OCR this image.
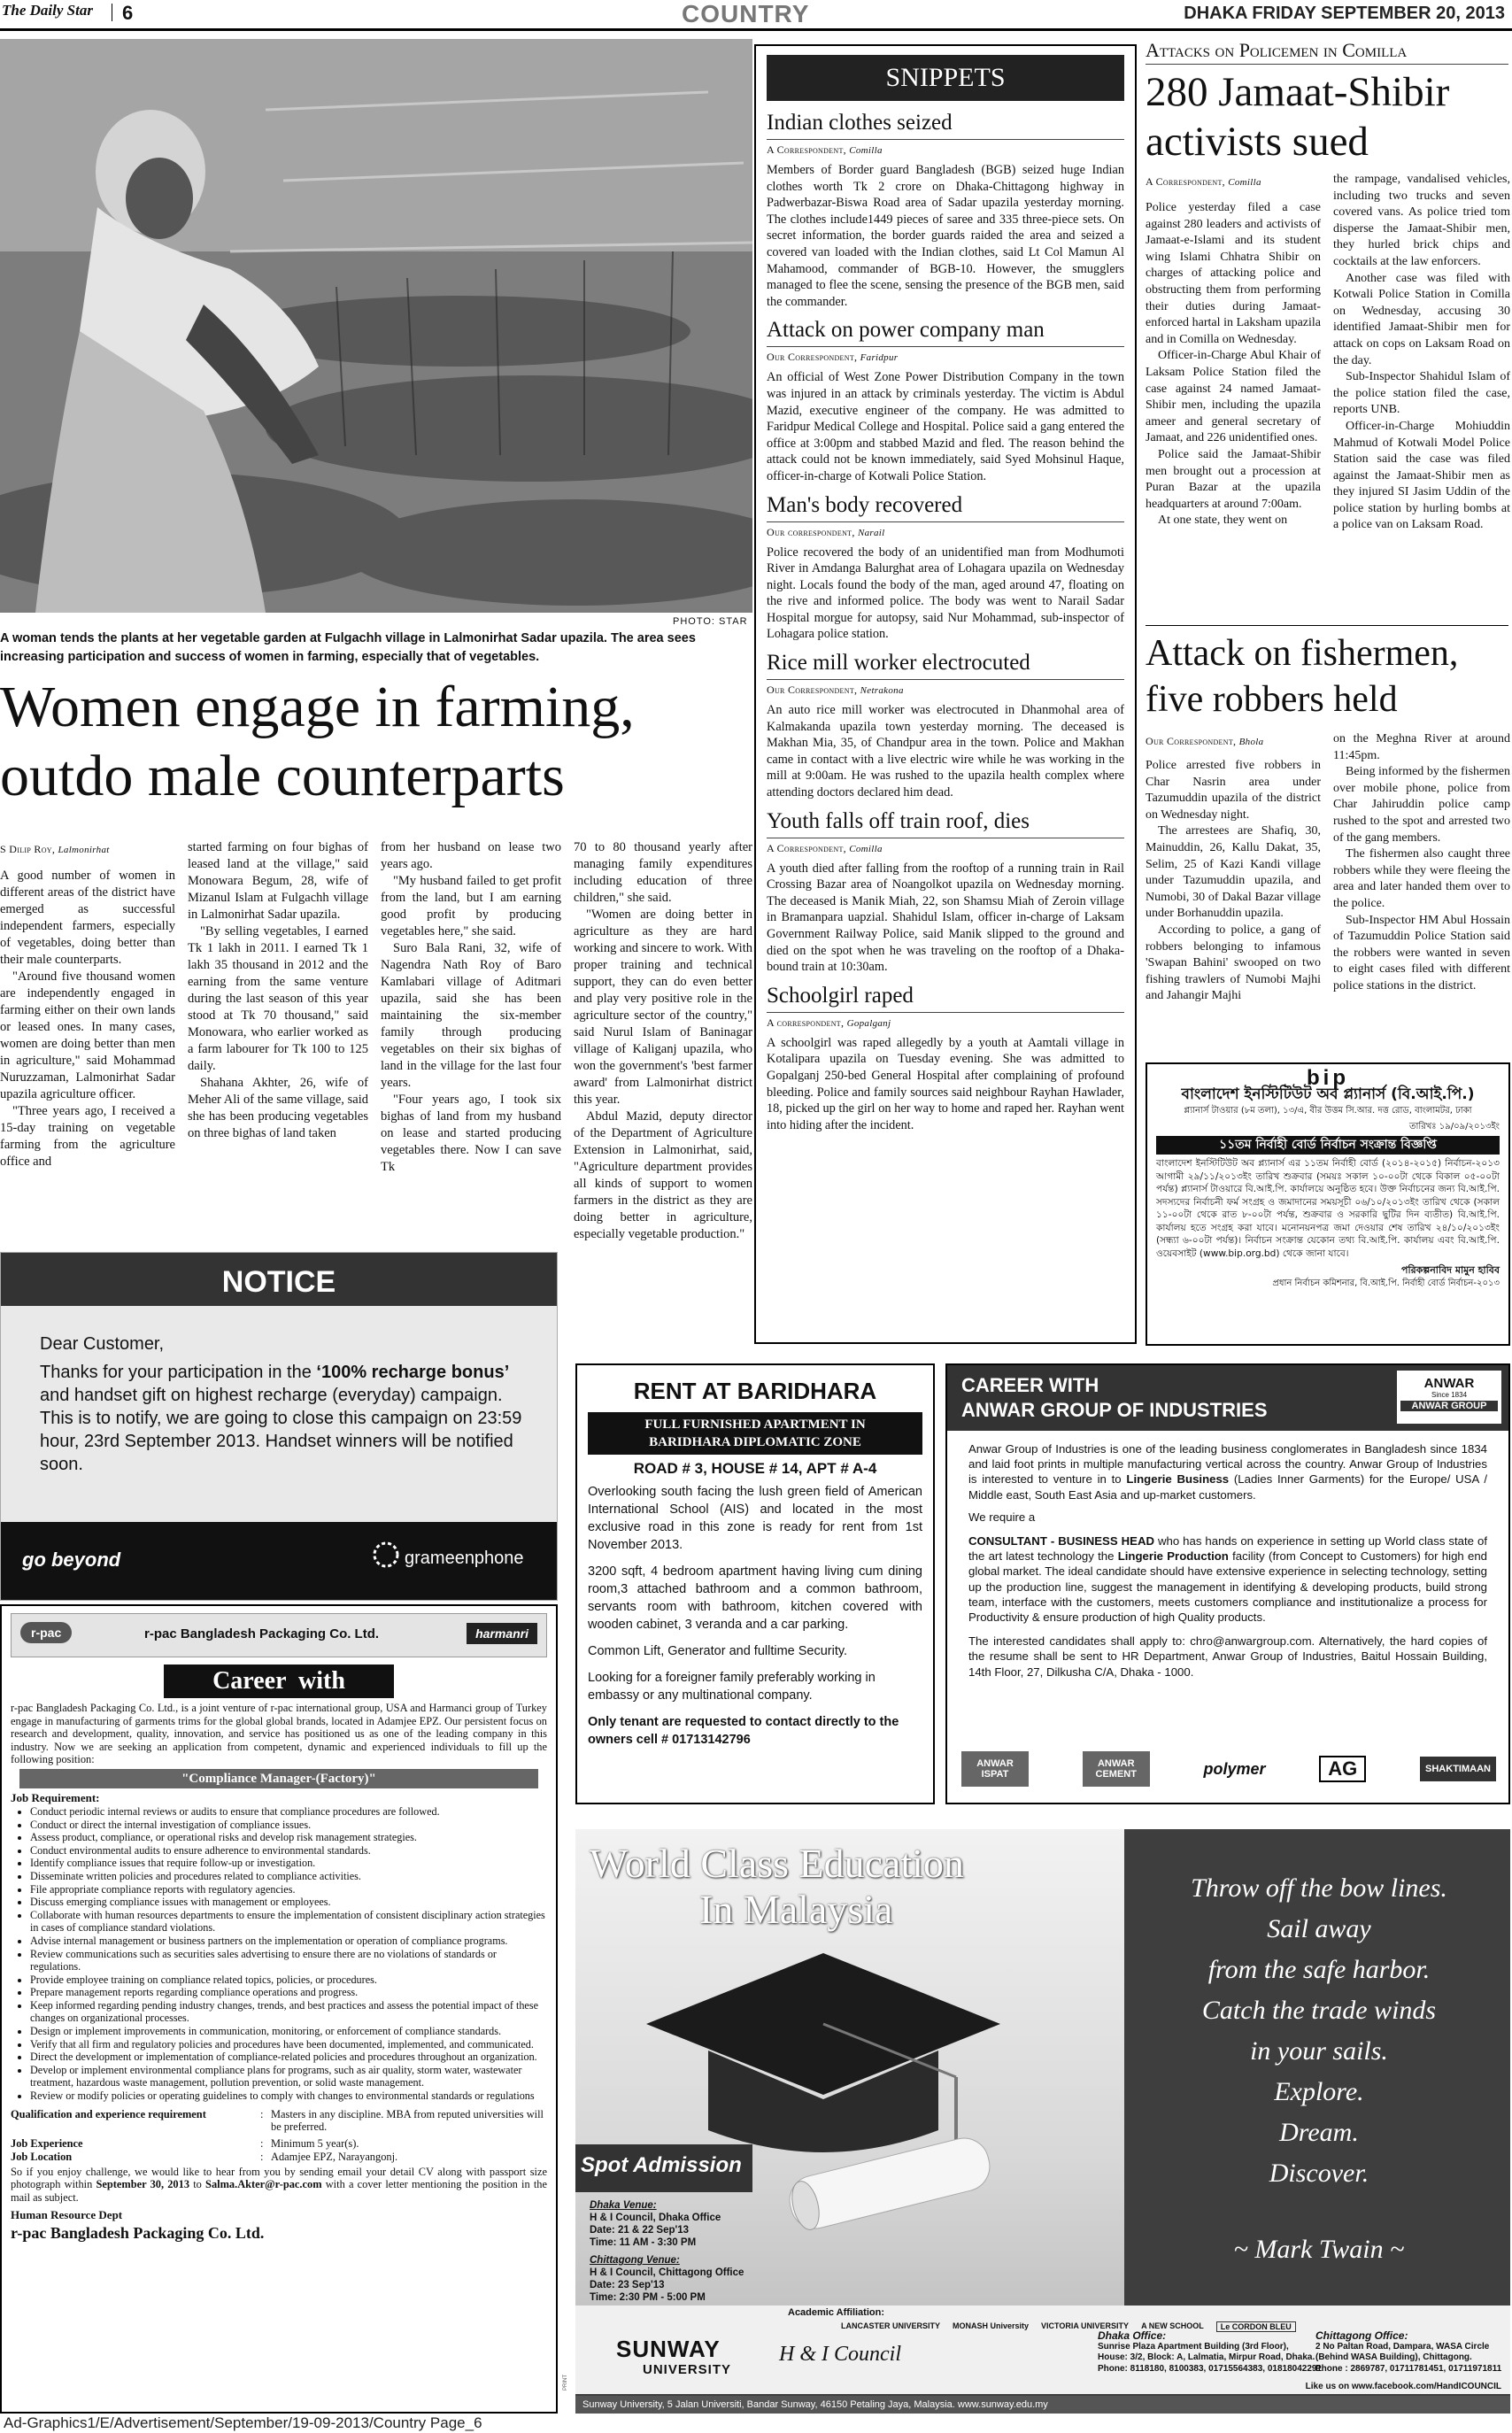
The Daily Star 6	COUNTRY	DHAKA FRIDAY SEPTEMBER 20, 2013
PHOTO: STAR
A woman tends the plants at her vegetable garden at Fulgachh village in Lalmonirhat Sadar upazila. The area sees increasing participation and success of women in farming, especially that of vegetables.
Women engage in farming, outdo male counterparts
S Dilip Roy, Lalmonirhat

A good number of women in different areas of the district have emerged as successful independent farmers, especially of vegetables, doing better than their male counterparts.

"Around five thousand women are independently engaged in farming either on their own lands or leased ones. In many cases, women are doing better than men in agriculture," said Mohammad Nuruzzaman, Lalmonirhat Sadar upazila agriculture officer.

"Three years ago, I received a 15-day training on vegetable farming from the agriculture office and

started farming on four bighas of leased land at the village," said Monowara Begum, 28, wife of Mizanul Islam at Fulgachh village in Lalmonirhat Sadar upazila.

"By selling vegetables, I earned Tk 1 lakh in 2011. I earned Tk 1 lakh 35 thousand in 2012 and the earning from the same venture during the last season of this year stood at Tk 70 thousand," said Monowara, who earlier worked as a farm labourer for Tk 100 to 125 daily.

Shahana Akhter, 26, wife of Meher Ali of the same village, said she has been producing vegetables on three bighas of land taken

from her husband on lease two years ago.

"My husband failed to get profit from the land, but I am earning good profit by producing vegetables here," she said.

Suro Bala Rani, 32, wife of Nagendra Nath Roy of Baro Kamlabari village of Aditmari upazila, said she has been maintaining the six-member family through producing vegetables on their six bighas of land in the village for the last four years.

"Four years ago, I took six bighas of land from my husband on lease and started producing vegetables there. Now I can save Tk

70 to 80 thousand yearly after managing family expenditures including education of three children," she said.

"Women are doing better in agriculture as they are hard working and sincere to work. With proper training and technical support, they can do even better and play very positive role in the agriculture sector of the country," said Nurul Islam of Baninagar village of Kaliganj upazila, who won the government's 'best farmer award' from Lalmonirhat district this year.

Abdul Mazid, deputy director of the Department of Agriculture Extension in Lalmonirhat, said, "Agriculture department provides all kinds of support to women farmers in the district as they are doing better in agriculture, especially vegetable production."

SNIPPETS
Indian clothes seized
A Correspondent, Comilla
Members of Border guard Bangladesh (BGB) seized huge Indian clothes worth Tk 2 crore on Dhaka-Chittagong highway in Padwerbazar-Biswa Road area of Sadar upazila yesterday morning. The clothes include1449 pieces of saree and 335 three-piece sets. On secret information, the border guards raided the area and seized a covered van loaded with the Indian clothes, said Lt Col Mamun Al Mahamood, commander of BGB-10. However, the smugglers managed to flee the scene, sensing the presence of the BGB men, said the commander.
Attack on power company man
Our Correspondent, Faridpur
An official of West Zone Power Distribution Company in the town was injured in an attack by criminals yesterday. The victim is Abdul Mazid, executive engineer of the company. He was admitted to Faridpur Medical College and Hospital. Police said a gang entered the office at 3:00pm and stabbed Mazid and fled. The reason behind the attack could not be known immediately, said Syed Mohsinul Haque, officer-in-charge of Kotwali Police Station.
Man's body recovered
Our correspondent, Narail
Police recovered the body of an unidentified man from Modhumoti River in Amdanga Balurghat area of Lohagara upazila on Wednesday night. Locals found the body of the man, aged around 47, floating on the rive and informed police. The body was went to Narail Sadar Hospital morgue for autopsy, said Nur Mohammad, sub-inspector of Lohagara police station.
Rice mill worker electrocuted
Our Correspondent, Netrakona
An auto rice mill worker was electrocuted in Dhanmohal area of Kalmakanda upazila town yesterday morning. The deceased is Makhan Mia, 35, of Chandpur area in the town. Police and Makhan came in contact with a live electric wire while he was working in the mill at 9:00am. He was rushed to the upazila health complex where attending doctors declared him dead.
Youth falls off train roof, dies
A Correspondent, Comilla
A youth died after falling from the rooftop of a running train in Rail Crossing Bazar area of Noangolkot upazila on Wednesday morning. The deceased is Manik Miah, 22, son Shamsu Miah of Zeroin village in Bramanpara uapzial. Shahidul Islam, officer in-charge of Laksam Government Railway Police, said Manik slipped to the ground and died on the spot when he was traveling on the rooftop of a Dhaka-bound train at 10:30am.
Schoolgirl raped
A correspondent, Gopalganj
A schoolgirl was raped allegedly by a youth at Aamtali village in Kotalipara upazila on Tuesday evening. She was admitted to Gopalganj 250-bed General Hospital after complaining of profound bleeding. Police and family sources said neighbour Rayhan Hawlader, 18, picked up the girl on her way to home and raped her. Rayhan went into hiding after the incident.
Attacks on Policemen in Comilla
280 Jamaat-Shibir activists sued
A Correspondent, Comilla

Police yesterday filed a case against 280 leaders and activists of Jamaat-e-Islami and its student wing Islami Chhatra Shibir on charges of attacking police and obstructing them from performing their duties during Jamaat-enforced hartal in Laksham upazila and in Comilla on Wednesday.

Officer-in-Charge Abul Khair of Laksam Police Station filed the case against 24 named Jamaat-Shibir men, including the upazila ameer and general secretary of Jamaat, and 226 unidentified ones.

Police said the Jamaat-Shibir men brought out a procession at Puran Bazar at the upazila headquarters at around 7:00am.

At one state, they went on

the rampage, vandalised vehicles, including two trucks and seven covered vans. As police tried tom disperse the Jamaat-Shibir men, they hurled brick chips and cocktails at the law enforcers.

Another case was filed with Kotwali Police Station in Comilla on Wednesday, accusing 30 identified Jamaat-Shibir men for attack on cops on Laksam Road on the day.

Sub-Inspector Shahidul Islam of the police station filed the case, reports UNB.

Officer-in-Charge Mohiuddin Mahmud of Kotwali Model Police Station said the case was filed against the Jamaat-Shibir men as they injured SI Jasim Uddin of the police station by hurling bombs at a police van on Laksam Road.

Attack on fishermen, five robbers held
Our Correspondent, Bhola

Police arrested five robbers in Char Nasrin area under Tazumuddin upazila of the district on Wednesday night.

The arrestees are Shafiq, 30, Mainuddin, 26, Kallu Dakat, 35, Selim, 25 of Kazi Kandi village under Tazumuddin upazila, and Numobi, 30 of Dakal Bazar village under Borhanuddin upazila.

According to police, a gang of robbers belonging to infamous 'Swapan Bahini' swooped on two fishing trawlers of Numobi Majhi and Jahangir Majhi

on the Meghna River at around 11:45pm.

Being informed by the fishermen over mobile phone, police from Char Jahiruddin police camp rushed to the spot and arrested two of the gang members.

The fishermen also caught three robbers while they were fleeing the area and later handed them over to the police.

Sub-Inspector HM Abul Hossain of Tazumuddin Police Station said the robbers were wanted in seven to eight cases filed with different police stations in the district.

bip
বাংলাদেশ ইনস্টিটিউট অব প্ল্যানার্স (বি.আই.পি.)
প্ল্যানার্স টাওয়ার (৮ম তলা), ১৩/এ, বীর উত্তম সি.আর. দত্ত রোড, বাংলামটর, ঢাকা
তারিখঃ ১৯/০৯/২০১৩ইং
১১তম নির্বাহী বোর্ড নির্বাচন সংক্রান্ত বিজ্ঞপ্তি
বাংলাদেশ ইনস্টিটিউট অব প্ল্যানার্স এর ১১তম নির্বাহী বোর্ড (২০১৪-২০১৫) নির্বাচন-২০১৩ আগামী ২৯/১১/২০১৩ইং তারিখ শুক্রবার (সময়ঃ সকাল ১০-০০টা থেকে বিকাল ০৫-০০টা পর্যন্ত) প্ল্যানার্স টাওয়ারে বি.আই.পি. কার্যালয়ে অনুষ্ঠিত হবে। উক্ত নির্বাচনের জন্য বি.আই.পি. সদস্যদের নির্বাচনী ফর্ম সংগ্রহ ও জমাদানের সময়সূচী ০৬/১০/২০১৩ইং তারিখ থেকে (সকাল ১১-০০টা থেকে রাত ৮-০০টা পর্যন্ত, শুক্রবার ও সরকারি ছুটির দিন ব্যতীত) বি.আই.পি. কার্যালয় হতে সংগ্রহ করা যাবে। মনোনয়নপত্র জমা দেওয়ার শেষ তারিখ ২৪/১০/২০১৩ইং (সন্ধ্যা ৬-০০টা পর্যন্ত)। নির্বাচন সংক্রান্ত যেকোন তথ্য বি.আই.পি. কার্যালয় এবং বি.আই.পি. ওয়েবসাইট (www.bip.org.bd) থেকে জানা যাবে।
পরিকল্পনাবিদ মামুন হাবিব
প্রধান নির্বাচন কমিশনার, বি.আই.পি. নির্বাহী বোর্ড নির্বাচন-২০১৩
NOTICE
Dear Customer,
Thanks for your participation in the ‘100% recharge bonus’ and handset gift on highest recharge (everyday) campaign. This is to notify, we are going to close this campaign on 23:59 hour, 23rd September 2013. Handset winners will be notified soon.
go beyond	grameenphone
r-pac	r-pac Bangladesh Packaging Co. Ltd.	harmanri
Career  with
r-pac Bangladesh Packaging Co. Ltd., is a joint venture of r-pac international group, USA and Harmanci group of Turkey engage in manufacturing of garments trims for the global global brands, located in Adamjee EPZ. Our persistent focus on research and development, quality, innovation, and service has positioned us as one of the leading company in this industry. Now we are seeking an application from competent, dynamic and experienced individuals to fill up the following position:
"Compliance Manager-(Factory)"
Job Requirement:
• Conduct periodic internal reviews or audits to ensure that compliance procedures are followed.
• Conduct or direct the internal investigation of compliance issues.
• Assess product, compliance, or operational risks and develop risk management strategies.
• Conduct environmental audits to ensure adherence to environmental standards.
• Identify compliance issues that require follow-up or investigation.
• Disseminate written policies and procedures related to compliance activities.
• File appropriate compliance reports with regulatory agencies.
• Discuss emerging compliance issues with management or employees.
• Collaborate with human resources departments to ensure the implementation of consistent disciplinary action strategies in cases of compliance standard violations.
• Advise internal management or business partners on the implementation or operation of compliance programs.
• Review communications such as securities sales advertising to ensure there are no violations of standards or regulations.
• Provide employee training on compliance related topics, policies, or procedures.
• Prepare management reports regarding compliance operations and progress.
• Keep informed regarding pending industry changes, trends, and best practices and assess the potential impact of these changes on organizational processes.
• Design or implement improvements in communication, monitoring, or enforcement of compliance standards.
• Verify that all firm and regulatory policies and procedures have been documented, implemented, and communicated.
• Direct the development or implementation of compliance-related policies and procedures throughout an organization.
• Develop or implement environmental compliance plans for programs, such as air quality, storm water, wastewater treatment, hazardous waste management, pollution prevention, or solid waste management.
• Review or modify policies or operating guidelines to comply with changes to environmental standards or regulations
Qualification and experience requirement	: Masters in any discipline. MBA from reputed universities will be preferred.
Job Experience	: Minimum 5 year(s).
Job Location	: Adamjee EPZ, Narayangonj.
So if you enjoy challenge, we would like to hear from you by sending email your detail CV along with passport size photograph within September 30, 2013 to Salma.Akter@r-pac.com with a cover letter mentioning the position in the mail as subject.
Human Resource Dept
r-pac Bangladesh Packaging Co. Ltd.
RENT AT BARIDHARA
FULL FURNISHED APARTMENT IN BARIDHARA DIPLOMATIC ZONE
ROAD # 3, HOUSE # 14, APT # A-4
Overlooking south facing the lush green field of American International School (AIS) and located in the most exclusive road in this zone is ready for rent from 1st November 2013.
3200 sqft, 4 bedroom apartment having living cum dining room,3 attached bathroom and a common bathroom, servants room with bathroom, kitchen covered with wooden cabinet, 3 veranda and a car parking.
Common Lift, Generator and fulltime Security.
Looking for a foreigner family preferably working in embassy or any multinational company.
Only tenant are requested to contact directly to the owners cell # 01713142796
CAREER WITH
ANWAR GROUP OF INDUSTRIES
ANWAR
Since 1834
ANWAR GROUP
Anwar Group of Industries is one of the leading business conglomerates in Bangladesh since 1834 and laid foot prints in multiple manufacturing vertical across the country. Anwar Group of Industries is interested to venture in to Lingerie Business (Ladies Inner Garments) for the Europe/ USA / Middle east, South East Asia and up-market customers.
We require a
CONSULTANT - BUSINESS HEAD who has hands on experience in setting up World class state of the art latest technology the Lingerie Production facility (from Concept to Customers) for high end global market. The ideal candidate should have extensive experience in selecting technology, setting up the production line, suggest the management in identifying & developing products, build strong team, interface with the customers, meets customers compliance and institutionalize a process for Productivity & ensure production of high Quality products.
The interested candidates shall apply to: chro@anwargroup.com. Alternatively, the hard copies of the resume shall be sent to HR Department, Anwar Group of Industries, Baitul Hossain Building, 14th Floor, 27, Dilkusha C/A, Dhaka - 1000.
ANWAR ISPAT
ANWAR CEMENT	polymer	AG	SHAKTIMAAN
World Class Education
In Malaysia
Spot Admission
Dhaka Venue:
H & I Council, Dhaka Office
Date: 21 & 22 Sep'13
Time: 11 AM - 3:30 PM
Chittagong Venue:
H & I Council, Chittagong Office
Date: 23 Sep'13
Time: 2:30 PM - 5:00 PM
Throw off the bow lines.
Sail away
from the safe harbor.
Catch the trade winds
in your sails.
Explore.
Dream.
Discover.
~ Mark Twain ~
Academic Affiliation:
LANCASTER UNIVERSITY MONASH University VICTORIA UNIVERSITY A NEW SCHOOL	Le CORDON BLEU
SUNWAY
UNIVERSITY
H & I Council
Dhaka Office:
Sunrise Plaza Apartment Building (3rd Floor),
House: 3/2, Block: A, Lalmatia, Mirpur Road, Dhaka.
Phone: 8118180, 8100383, 01715564383, 01818042291
Chittagong Office:
2 No Paltan Road, Dampara, WASA Circle
(Behind WASA Building), Chittagong.
Phone : 2869787, 01711781451, 01711971811
Like us on www.facebook.com/HandICOUNCIL
Sunway University, 5 Jalan Universiti, Bandar Sunway, 46150 Petaling Jaya, Malaysia. www.sunway.edu.my
PRINT
Ad-Graphics1/E/Advertisement/September/19-09-2013/Country Page_6
